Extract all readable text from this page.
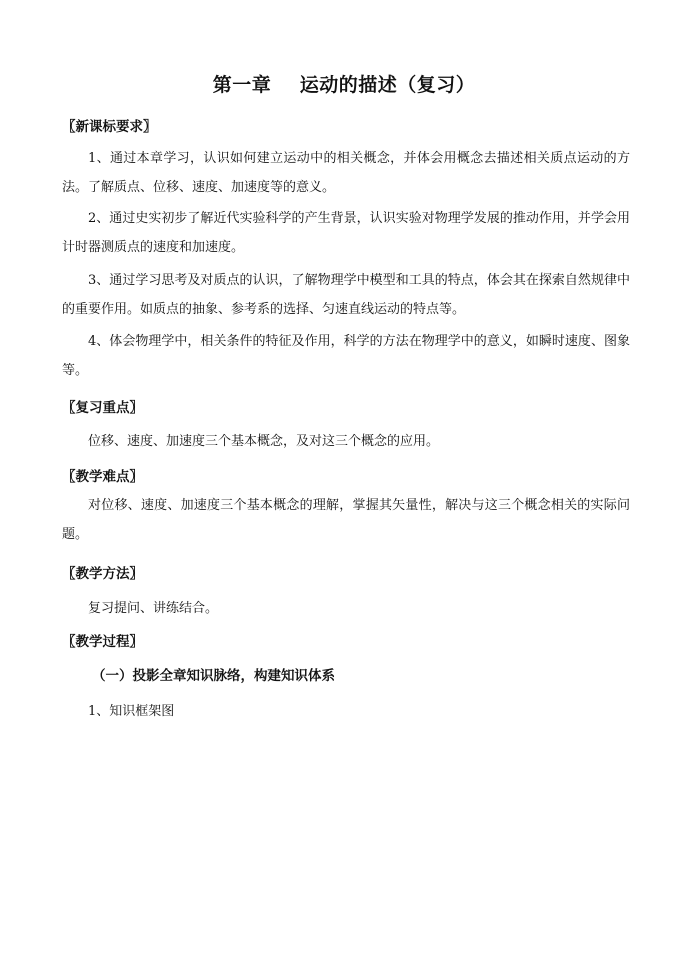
第一章    运动的描述（复习）
〖新课标要求〗
1、通过本章学习，认识如何建立运动中的相关概念，并体会用概念去描述相关质点运动的方法。了解质点、位移、速度、加速度等的意义。
2、通过史实初步了解近代实验科学的产生背景，认识实验对物理学发展的推动作用，并学会用计时器测质点的速度和加速度。
3、通过学习思考及对质点的认识，了解物理学中模型和工具的特点，体会其在探索自然规律中的重要作用。如质点的抽象、参考系的选择、匀速直线运动的特点等。
4、体会物理学中，相关条件的特征及作用，科学的方法在物理学中的意义，如瞬时速度、图象等。
〖复习重点〗
位移、速度、加速度三个基本概念，及对这三个概念的应用。
〖教学难点〗
对位移、速度、加速度三个基本概念的理解，掌握其矢量性，解决与这三个概念相关的实际问题。
〖教学方法〗
复习提问、讲练结合。
〖教学过程〗
（一）投影全章知识脉络，构建知识体系
1、知识框架图
